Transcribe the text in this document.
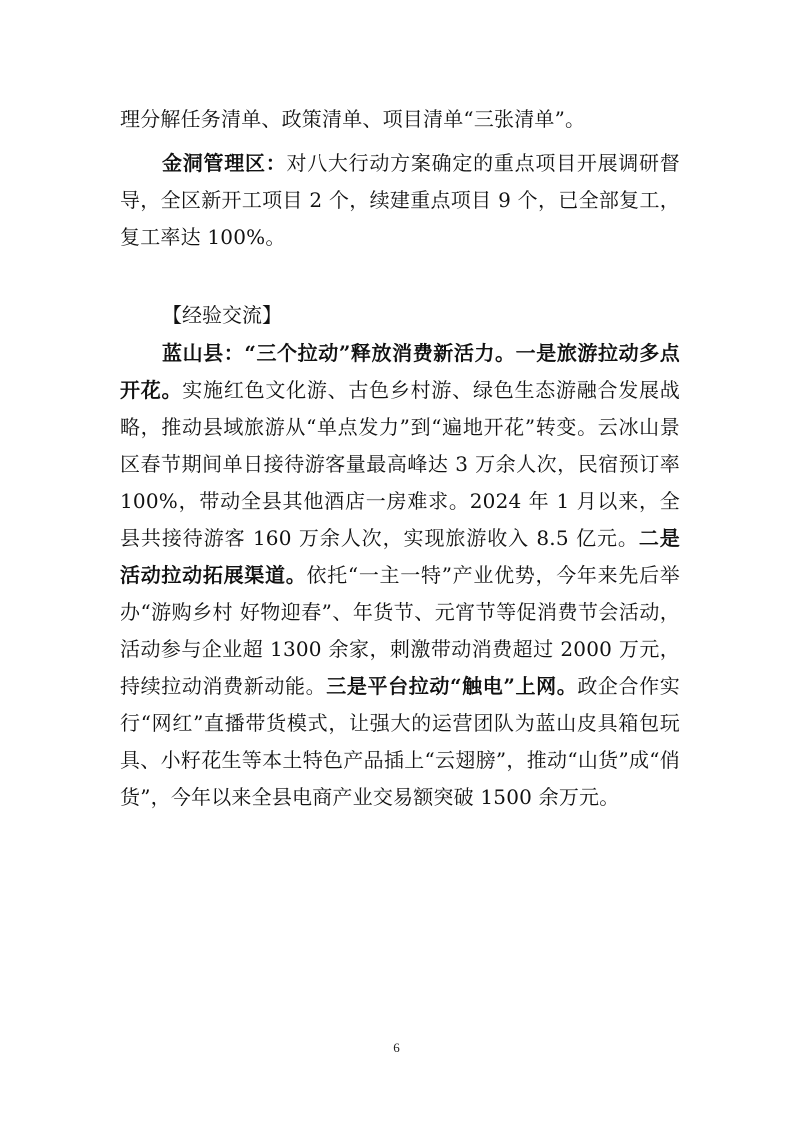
理分解任务清单、政策清单、项目清单“三张清单”。

金洞管理区：对八大行动方案确定的重点项目开展调研督导，全区新开工项目 2 个，续建重点项目 9 个，已全部复工，复工率达 100%。

【经验交流】

蓝山县：“三个拉动”释放消费新活力。一是旅游拉动多点开花。实施红色文化游、古色乡村游、绿色生态游融合发展战略，推动县域旅游从“单点发力”到“遍地开花”转变。云冰山景区春节期间单日接待游客量最高峰达 3 万余人次，民宿预订率 100%，带动全县其他酒店一房难求。2024 年 1 月以来，全县共接待游客 160 万余人次，实现旅游收入 8.5 亿元。二是活动拉动拓展渠道。依托“一主一特”产业优势，今年来先后举办“游购乡村 好物迎春”、年货节、元宵节等促消费节会活动，活动参与企业超 1300 余家，刺激带动消费超过 2000 万元，持续拉动消费新动能。三是平台拉动“触电”上网。政企合作实行“网红”直播带货模式，让强大的运营团队为蓝山皮具箱包玩具、小籽花生等本土特色产品插上“云翅膀”，推动“山货”成“俏货”，今年以来全县电商产业交易额突破 1500 余万元。

6
